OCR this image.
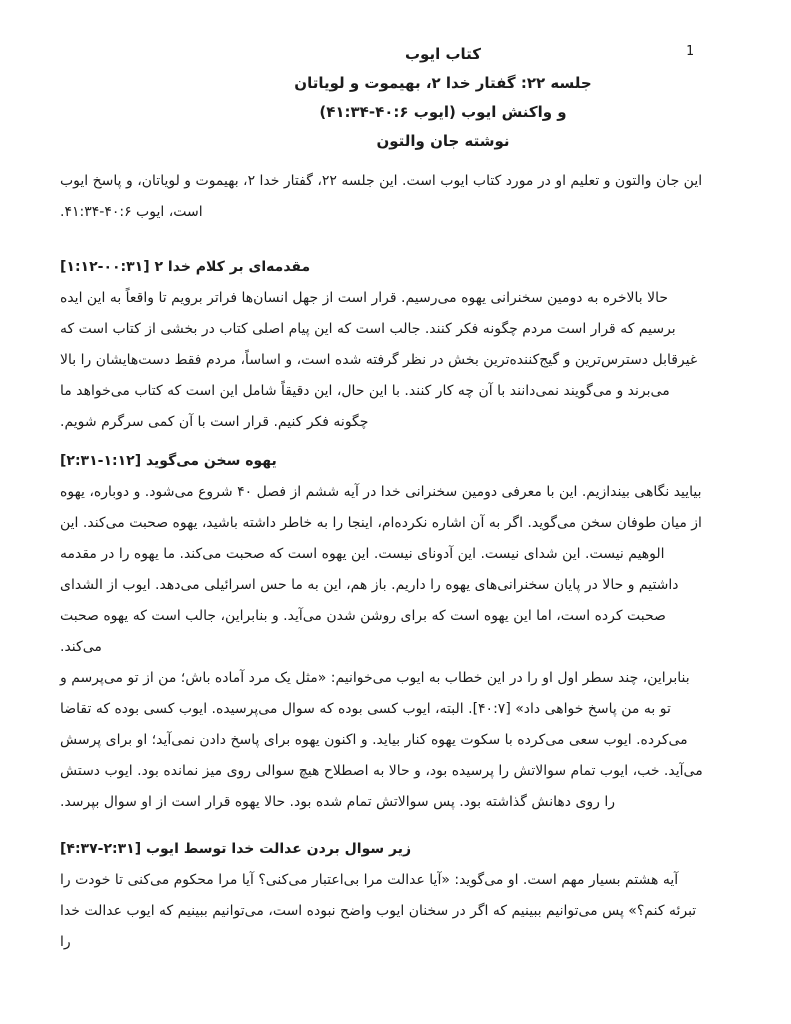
1
کتاب ایوب
جلسه ۲۲: گفتار خدا ۲، بهیموت و لویاتان
و واکنش ایوب (ایوب ۴۰:۶-۴۱:۳۴)
نوشته جان والتون

این جان والتون و تعلیم او در مورد کتاب ایوب است. این جلسه ۲۲، گفتار خدا ۲، بهیموت و لویاتان، و پاسخ ایوب است، ایوب ۴۰:۶-۴۱:۳۴.

مقدمه‌ای بر کلام خدا ۲ [۰۰:۳۱-۱:۱۲]

حالا بالاخره به دومین سخنرانی یهوه می‌رسیم. قرار است از جهل انسان‌ها فراتر برویم تا واقعاً به این ایده برسیم که قرار است مردم چگونه فکر کنند. جالب است که این پیام اصلی کتاب در بخشی از کتاب است که غیرقابل دسترس‌ترین و گیج‌کننده‌ترین بخش در نظر گرفته شده است، و اساساً، مردم فقط دست‌هایشان را بالا می‌برند و می‌گویند نمی‌دانند با آن چه کار کنند. با این حال، این دقیقاً شامل این است که کتاب می‌خواهد ما چگونه فکر کنیم. قرار است با آن کمی سرگرم شویم.

یهوه سخن می‌گوید [۱:۱۲-۲:۳۱]

بیایید نگاهی بیندازیم. این با معرفی دومین سخنرانی خدا در آیه ششم از فصل ۴۰ شروع می‌شود. و دوباره، یهوه از میان طوفان سخن می‌گوید. اگر به آن اشاره نکرده‌ام، اینجا را به خاطر داشته باشید، یهوه صحبت می‌کند. این الوهیم نیست. این شدای نیست. این آدونای نیست. این یهوه است که صحبت می‌کند. ما یهوه را در مقدمه داشتیم و حالا در پایان سخنرانی‌های یهوه را داریم. باز هم، این به ما حس اسرائیلی می‌دهد. ایوب از الشدای صحبت کرده است، اما این یهوه است که برای روشن شدن می‌آید. و بنابراین، جالب است که یهوه صحبت می‌کند.

بنابراین، چند سطر اول او را در این خطاب به ایوب می‌خوانیم: «مثل یک مرد آماده باش؛ من از تو می‌پرسم و تو به من پاسخ خواهی داد» [۴۰:۷]. البته، ایوب کسی بوده که سوال می‌پرسیده. ایوب کسی بوده که تقاضا می‌کرده. ایوب سعی می‌کرده با سکوت یهوه کنار بیاید. و اکنون یهوه برای پاسخ دادن نمی‌آید؛ او برای پرسش می‌آید. خب، ایوب تمام سوالاتش را پرسیده بود، و حالا به اصطلاح هیچ سوالی روی میز نمانده بود. ایوب دستش را روی دهانش گذاشته بود. پس سوالاتش تمام شده بود. حالا یهوه قرار است از او سوال بپرسد.

زیر سوال بردن عدالت خدا توسط ایوب [۲:۳۱-۴:۳۷]

آیه هشتم بسیار مهم است. او می‌گوید: «آیا عدالت مرا بی‌اعتبار می‌کنی؟ آیا مرا محکوم می‌کنی تا خودت را تبرئه کنم؟» پس می‌توانیم ببینیم که اگر در سخنان ایوب واضح نبوده است، می‌توانیم ببینیم که ایوب عدالت خدا را
